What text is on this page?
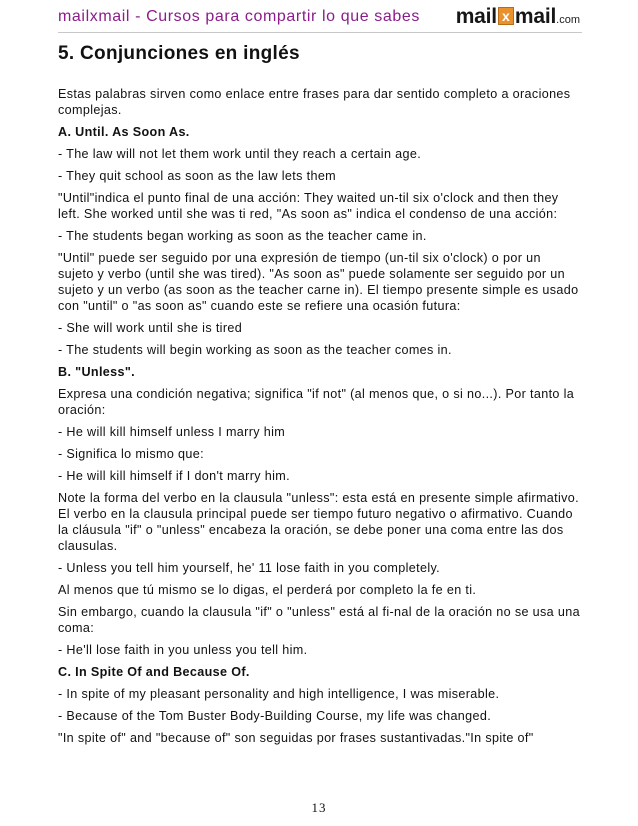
mailxmail - Cursos para compartir lo que sabes mail x mail.com
5. Conjunciones en inglés

Estas palabras sirven como enlace entre frases para dar sentido completo a oraciones complejas.

A. Until. As Soon As.

- The law will not let them work until they reach a certain age.

- They quit school as soon as the law lets them

"Until"indica el punto final de una acción: They waited un-til six o'clock and then they left. She worked until she was ti red, "As soon as" indica el condenso de una acción:

- The students began working as soon as the teacher came in.

"Until" puede ser seguido por una expresión de tiempo (un-til six o'clock) o por un sujeto y verbo (until she was tired). "As soon as" puede solamente ser seguido por un sujeto y un verbo (as soon as the teacher carne in). El tiempo presente simple es usado con "until" o "as soon as" cuando este se refiere una ocasión futura:

- She will work until she is tired

- The students will begin working as soon as the teacher comes in.

B. "Unless".

Expresa una condición negativa; significa "if not" (al menos que, o si no...). Por tanto la oración:

- He will kill himself unless I marry him

- Significa lo mismo que:

- He will kill himself if I don't marry him.

Note la forma del verbo en la clausula "unless": esta está en presente simple afirmativo. El verbo en la clausula principal puede ser tiempo futuro negativo o afirmativo. Cuando la cláusula "if" o "unless" encabeza la oración, se debe poner una coma entre las dos clausulas.

- Unless you tell him yourself, he' 11 lose faith in you completely.

Al menos que tú mismo se lo digas, el perderá por completo la fe en ti.

Sin embargo, cuando la clausula "if" o "unless" está al fi-nal de la oración no se usa una coma:

- He'll lose faith in you unless you tell him.

C. In Spite Of and Because Of.

- In spite of my pleasant personality and high intelligence, I was miserable.

- Because of the Tom Buster Body-Building Course, my life was changed.

"In spite of" and "because of" son seguidas por frases sustantivadas."In spite of"

13
